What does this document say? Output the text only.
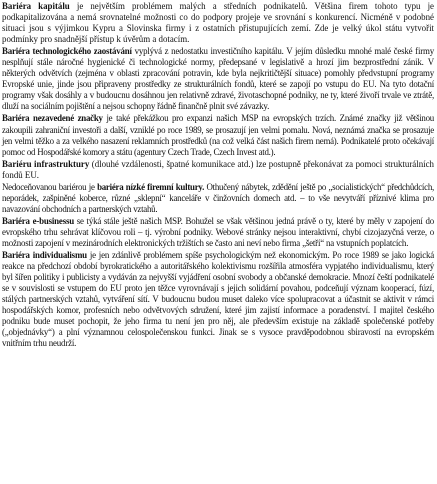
Bariéra kapitálu je největším problémem malých a středních podnikatelů. Většina firem tohoto typu je podkapitalizována a nemá srovnatelné možnosti co do podpory projeje ve srovnání s konkurencí. Nicméně v podobné situaci jsou s výjimkou Kypru a Slovinska firmy i z ostatních přistupujících zemí. Zde je velký úkol státu vytvořit podmínky pro snadnější přístup k úvěrům a dotacím.

Bariéra technologického zaostávání vyplývá z nedostatku investičního kapitálu. V jejím důsledku mnohé malé české firmy nesplňují stále náročné hygienické či technologické normy, předepsané v legislativě a hrozí jim bezprostřední zánik. V některých odvětvích (zejména v oblasti zpracování potravin, kde byla nejkritičtější situace) pomohly předvstupní programy Evropské unie, jinde jsou připraveny prostředky ze strukturálních fondů, které se zapojí po vstupu do EU. Na tyto dotační programy však dosáhly a v budoucnu dosáhnou jen relativně zdravé, životaschopné podniky, ne ty, které živoří trvale ve ztrátě, dluží na sociálním pojištění a nejsou schopny řádně finančně plnit své závazky.

Bariéra nezavedené značky je také překážkou pro expanzi našich MSP na evropských trzích. Známé značky již většinou zakoupili zahraniční investoři a další, vzniklé po roce 1989, se prosazují jen velmi pomalu. Nová, neznámá značka se prosazuje jen velmi těžko a za velkého nasazení reklamních prostředků (na což velká část našich firem nemá). Podnikatelé proto očekávají pomoc od Hospodářské komory a státu (agentury Czech Trade, Czech Invest atd.).

Bariéru infrastruktury (dlouhé vzdálenosti, špatné komunikace atd.) lze postupně překonávat za pomoci strukturálních fondů EU.

Nedoceňovanou bariérou je bariéra nízké firemní kultury. Othučený nábytek, zdědění ještě po „socialistických“ předchůdcích, neporádek, zašpiněné koberce, různé „sklepní“ kanceláře v činžovních domech atd. – to vše nevytváří příznivé klima pro navazování obchodních a partnerských vztahů.

Bariéra e-businessu se týká stále ještě našich MSP. Bohužel se však většinou jedná právě o ty, které by měly v zapojení do evropského trhu sehrávat klíčovou roli – tj. výrobní podniky. Webové stránky nejsou interaktivní, chybí cizojazyčná verze, o možnosti zapojení v mezinárodních elektronických tržištích se často ani neví nebo firma „šetří“ na vstupních poplatcích.

Bariéra individualismu je jen zdánlivě problémem spíše psychologickým než ekonomickým. Po roce 1989 se jako logická reakce na předchozí období byrokratického a autoritářského kolektivismu rozšířila atmosféra vypjatého individualismu, který byl šířen politiky i publicisty a vydáván za nejvyšší vyjádření osobní svobody a občanské demokracie. Mnozí čeští podnikatelé se v souvislosti se vstupem do EU proto jen těžce vyrovnávají s jejich solidární povahou, podceňují význam kooperací, fúzí, stálých partnerských vztahů, vytváření sítí. V budoucnu budou muset daleko více spolupracovat a účastnit se aktivit v rámci hospodářských komor, profesních nebo odvětvových sdružení, které jim zajistí informace a poradenství. I majitel českého podniku bude muset pochopit, že jeho firma tu není jen pro něj, ale především existuje na základě společenské potřeby („objednávky“) a plní významnou celospolečenskou funkci. Jinak se s vysoce pravděpodobnou sbiravostí na evropském vnitřním trhu neudrží.
